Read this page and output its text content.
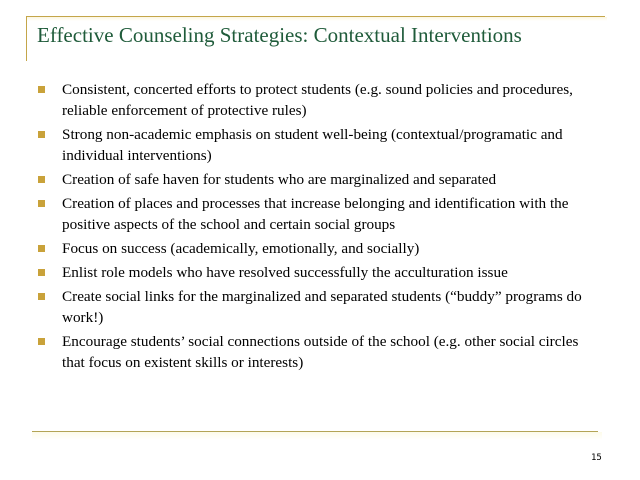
Effective Counseling Strategies: Contextual Interventions
Consistent, concerted efforts to protect students (e.g. sound policies and procedures, reliable enforcement of protective rules)
Strong non-academic emphasis on student well-being (contextual/programatic and individual interventions)
Creation of safe haven for students who are marginalized and separated
Creation of places and processes that increase belonging and identification with the positive aspects of the school and certain social groups
Focus on success (academically, emotionally, and socially)
Enlist role models who have resolved successfully the acculturation issue
Create social links for the marginalized and separated students (“buddy” programs do work!)
Encourage students’ social connections outside of the school (e.g. other social circles that focus on existent skills or interests)
15
